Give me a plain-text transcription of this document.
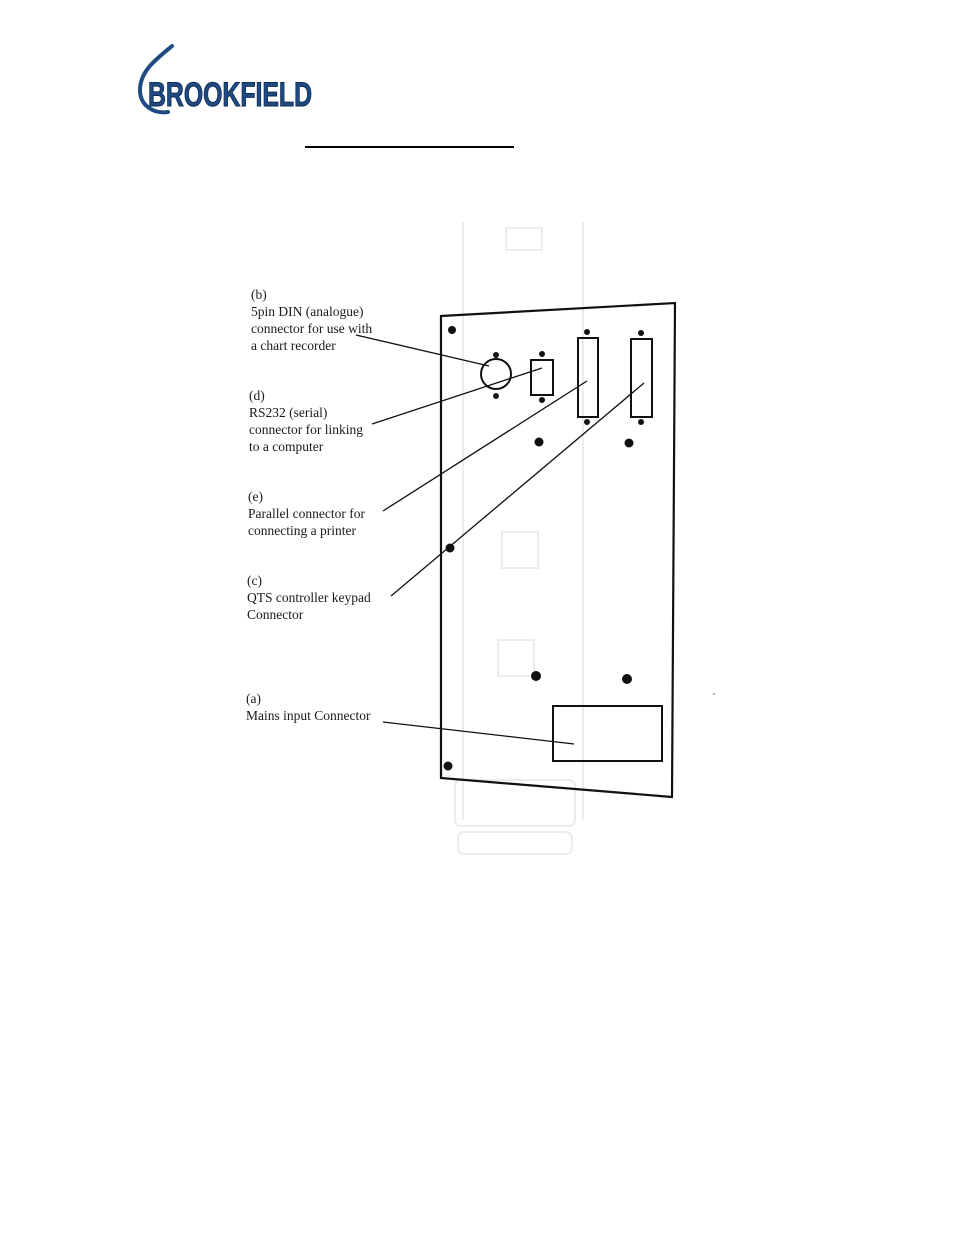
BROOKFIELD
(b)
5pin DIN (analogue)
connector for use with
a chart recorder
(d)
RS232 (serial)
connector for linking
to a computer
(e)
Parallel connector for
connecting a printer
(c)
QTS controller keypad
Connector
(a)
Mains input Connector
